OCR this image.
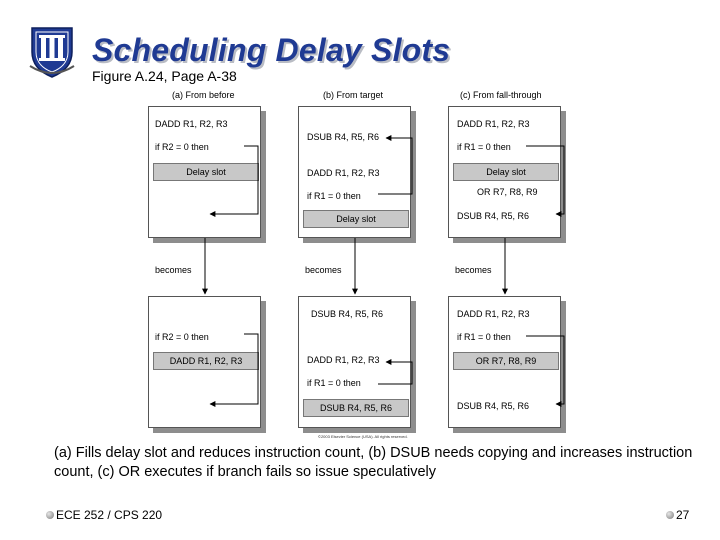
Scheduling Delay Slots
Figure A.24, Page A-38
(a) From before	(b) From target	(c) From fall-through
DADD R1, R2, R3
if R2 = 0 then
Delay slot
DSUB R4, R5, R6
DADD R1, R2, R3
if R1 = 0 then
Delay slot
DADD R1, R2, R3
if R1 = 0 then
Delay slot
OR R7, R8, R9
DSUB R4, R5, R6
becomes	becomes	becomes
if R2 = 0 then
DADD R1, R2, R3
DSUB R4, R5, R6
DADD R1, R2, R3
if R1 = 0 then
DSUB R4, R5, R6
DADD R1, R2, R3
if R1 = 0 then
OR R7, R8, R9
DSUB R4, R5, R6
©2003 Elsevier Science (USA). All rights reserved.
(a) Fills delay slot and reduces instruction count, (b) DSUB needs copying and increases instruction count, (c) OR executes if branch fails so issue speculatively
ECE 252 / CPS 220	27
